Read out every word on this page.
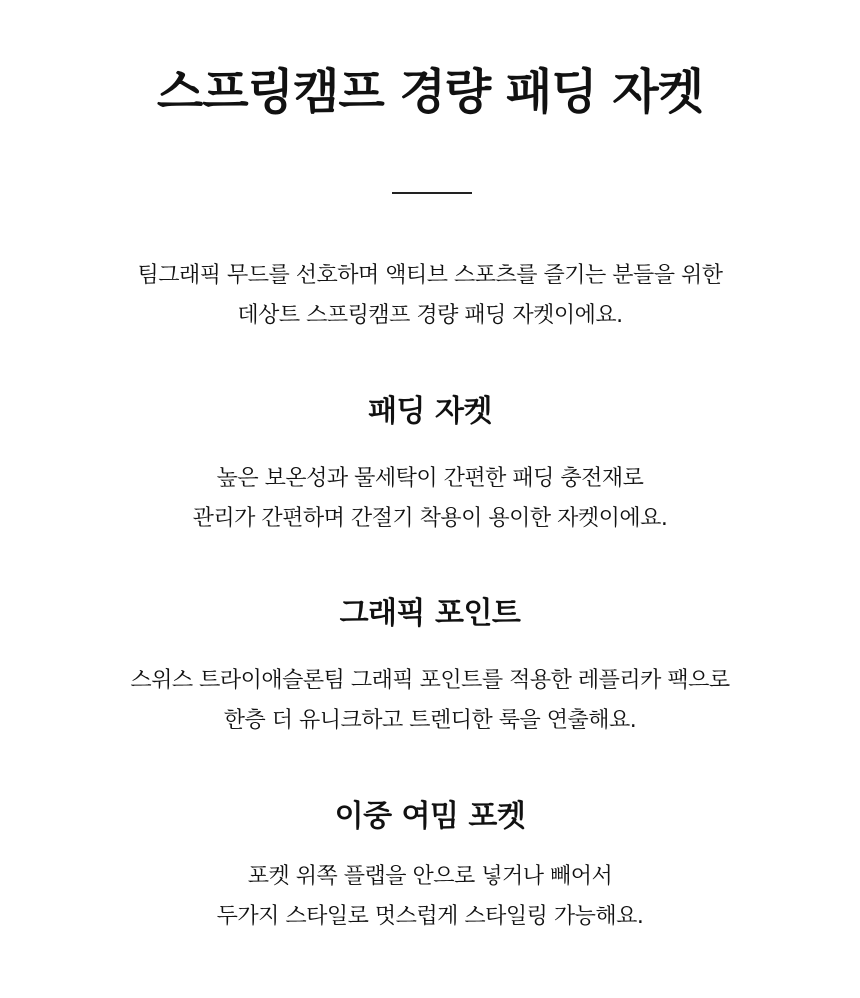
스프링캠프 경량 패딩 자켓

팀그래픽 무드를 선호하며 액티브 스포츠를 즐기는 분들을 위한
데상트 스프링캠프 경량 패딩 자켓이에요.

패딩 자켓

높은 보온성과 물세탁이 간편한 패딩 충전재로
관리가 간편하며 간절기 착용이 용이한 자켓이에요.

그래픽 포인트

스위스 트라이애슬론팀 그래픽 포인트를 적용한 레플리카 팩으로
한층 더 유니크하고 트렌디한 룩을 연출해요.

이중 여밈 포켓

포켓 위쪽 플랩을 안으로 넣거나 빼어서
두가지 스타일로 멋스럽게 스타일링 가능해요.
